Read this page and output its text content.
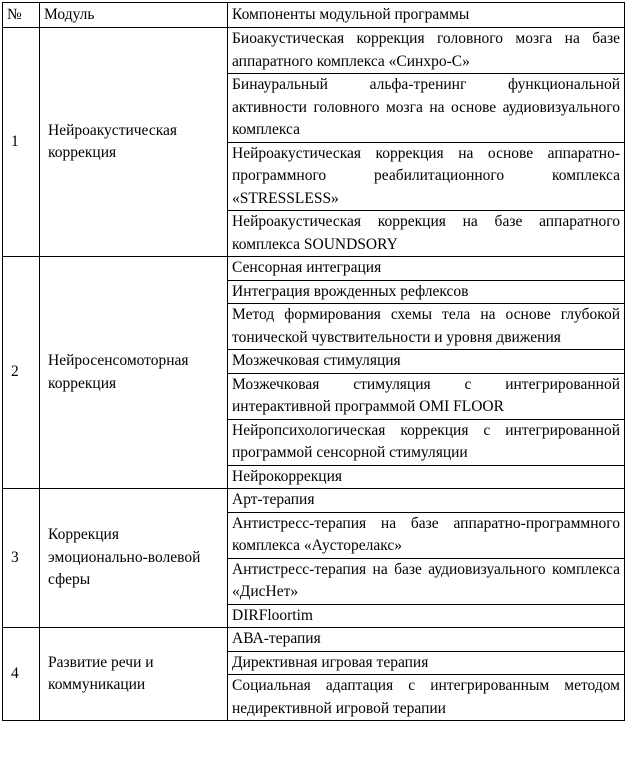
№	Модуль	Компоненты модульной программы
1	Нейроакустическая коррекция	Биоакустическая коррекция головного мозга на базе аппаратного комплекса «Синхро-С»
		Бинауральный альфа-тренинг функциональной активности головного мозга на основе аудиовизуального комплекса
		Нейроакустическая коррекция на основе аппаратно-программного реабилитационного комплекса «STRESSLESS»
		Нейроакустическая коррекция на базе аппаратного комплекса SOUNDSORY
2	Нейросенсомоторная коррекция	Сенсорная интеграция
		Интеграция врожденных рефлексов
		Метод формирования схемы тела на основе глубокой тонической чувствительности и уровня движения
		Мозжечковая стимуляция
		Мозжечковая стимуляция с интегрированной интерактивной программой OMI FLOOR
		Нейропсихологическая коррекция с интегрированной программой сенсорной стимуляции
		Нейрокоррекция
3	Коррекция эмоционально-волевой сферы	Арт-терапия
		Антистресс-терапия на базе аппаратно-программного комплекса «Аусторелакс»
		Антистресс-терапия на базе аудиовизуального комплекса «ДисНет»
		DIRFloortim
4	Развитие речи и коммуникации	АВА-терапия
		Директивная игровая терапия
		Социальная адаптация с интегрированным методом недирективной игровой терапии
